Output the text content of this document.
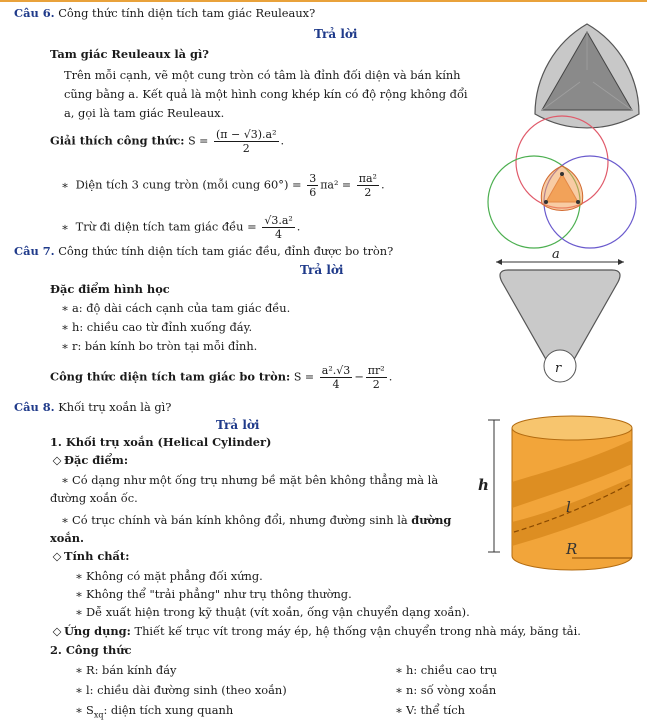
Câu 6. Công thức tính diện tích tam giác Reuleaux?
Trả lời
Tam giác Reuleaux là gì?
Trên mỗi cạnh, vẽ một cung tròn có tâm là đỉnh đối diện và bán kính
cũng bằng a. Kết quả là một hình cong khép kín có độ rộng không đổi
a, gọi là tam giác Reuleaux.
Giải thích công thức: $S = \frac{\text{(π − √3).a²}}{2}$ .
∗ Diện tích 3 cung tròn (mỗi cung $60^\circ) = \frac{3}{6} \pi a^2 = \frac{\text{πa²}}{2}$ .
∗ Trừ đi diện tích tam giác đều = $\frac{\text{√3.a²}}{4}$ .
Câu 7. Công thức tính diện tích tam giác đều, đỉnh được bo tròn?
Trả lời
Đặc điểm hình học
∗ a: độ dài cách cạnh của tam giác đều.
∗ h: chiều cao từ đỉnh xuống đáy.
∗ r: bán kính bo tròn tại mỗi đỉnh.
Công thức diện tích tam giác bo tròn: $S = \frac{\text{a².√3}}{4} - \frac{\text{πr²}}{2}$ .
a
r
Câu 8. Khối trụ xoắn là gì?
Trả lời
1. Khối trụ xoắn (Helical Cylinder)
◇ Đặc điểm:
∗ Có dạng như một ống trụ nhưng bề mặt bên không thẳng mà là
đường xoắn ốc.
∗ Có trục chính và bán kính không đổi, nhưng đường sinh là đường
xoắn.
◇ Tính chất:
∗ Không có mặt phẳng đối xứng.
∗ Không thể "trải phẳng" như trụ thông thường.
∗ Dễ xuất hiện trong kỹ thuật (vít xoắn, ống vận chuyển dạng xoắn).
◇ Ứng dụng: Thiết kế trục vít trong máy ép, hệ thống vận chuyển trong nhà máy, băng tải.
2. Công thức
∗ R: bán kính đáy
∗ l: chiều dài đường sinh (theo xoắn)
∗ $S_{xq}$: diện tích xung quanh
∗ h: chiều cao trụ
∗ n: số vòng xoắn
∗ V: thể tích
h
l
R
